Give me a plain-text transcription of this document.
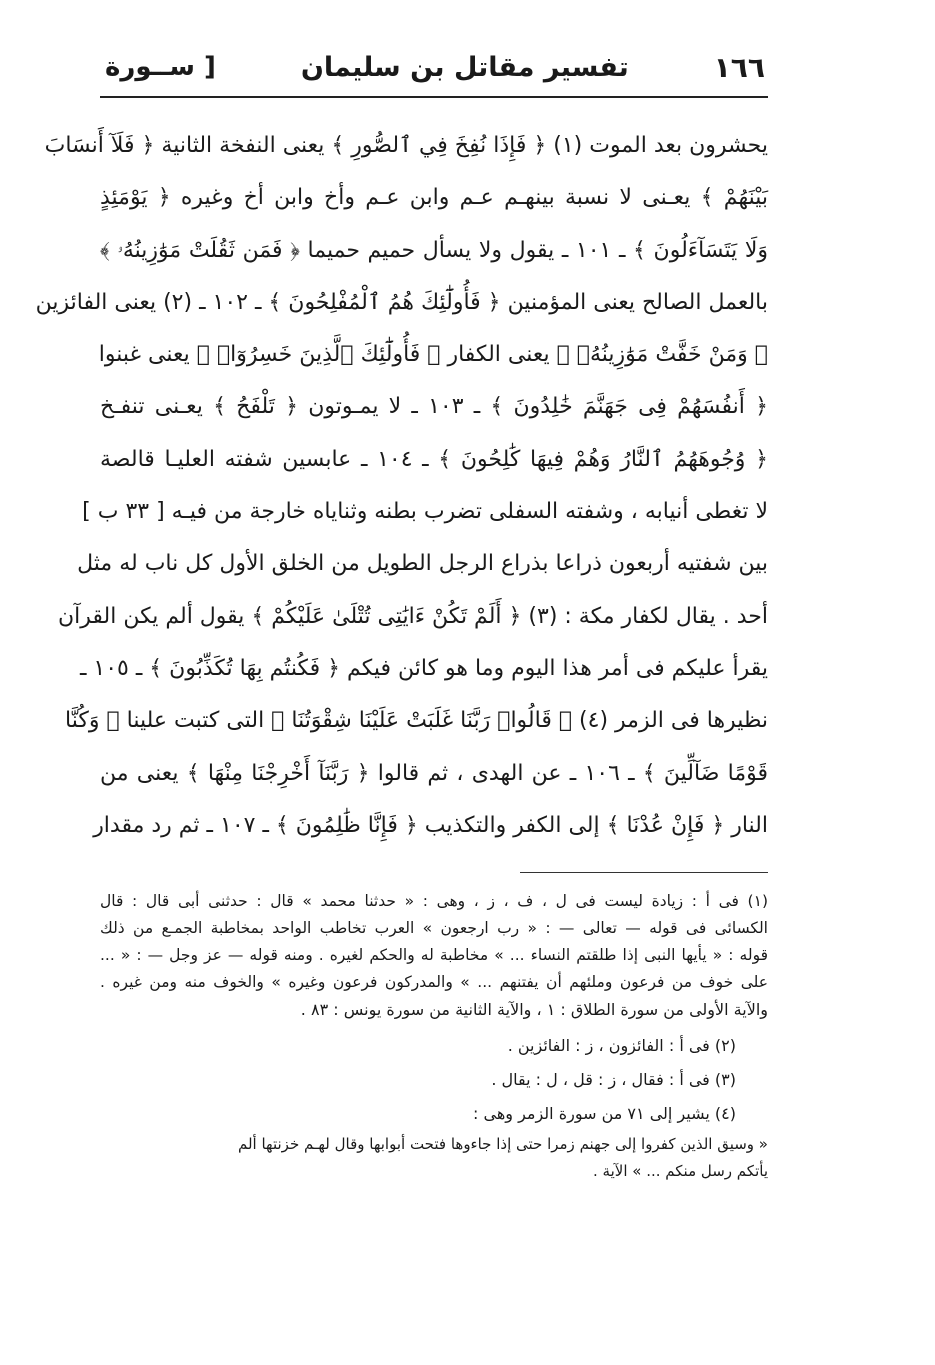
١٦٦
تفسير مقاتل بن سليمان
[ ســورة
يحشرون بعد الموت (١) ﴿ فَإِذَا نُفِخَ فِي ٱلصُّورِ ﴾ يعنى النفخة الثانية ﴿ فَلَآ أَنسَابَ
بَيْنَهُمْ ﴾ يعـنى لا نسبة بينهـم عـم وابن عـم وأخ وابن أخ وغيره ﴿ يَوْمَئِذٍ
وَلَا يَتَسَآءَلُونَ ﴾ ـ ١٠١ ـ يقول ولا يسأل حميم حميما ﴿ فَمَن ثَقُلَتْ مَوَٰزِينُهُۥ ﴾
بالعمل الصالح يعنى المؤمنين ﴿ فَأُولَٰٓئِكَ هُمُ ٱلْمُفْلِحُونَ ﴾ ـ ١٠٢ ـ (٢) يعنى الفائزين
﴿ وَمَنْ خَفَّتْ مَوَٰزِينُهُۥ ﴾ يعنى الكفار ﴿ فَأُولَٰٓئِكَ ٱلَّذِينَ خَسِرُوٓا۟ ﴾ يعنى غبنوا
﴿ أَنفُسَهُمْ فِى جَهَنَّمَ خَٰلِدُونَ ﴾ ـ ١٠٣ ـ لا يمـوتون ﴿ تَلْفَحُ ﴾ يعـنى تنفـخ
﴿ وُجُوهَهُمُ ٱلنَّارُ وَهُمْ فِيهَا كَٰلِحُونَ ﴾ ـ ١٠٤ ـ عابسين شفته العليـا قالصة
لا تغطى أنيابه ، وشفته السفلى تضرب بطنه وثناياه خارجة من فيـه [ ٣٣ ب ]
بين شفتيه أربعون ذراعا بذراع الرجل الطويل من الخلق الأول كل ناب له مثل
أحد . يقال لكفار مكة : (٣) ﴿ أَلَمْ تَكُنْ ءَايَٰتِى تُتْلَىٰ عَلَيْكُمْ ﴾ يقول ألم يكن القرآن
يقرأ عليكم فى أمر هذا اليوم وما هو كائن فيكم ﴿ فَكُنتُم بِهَا تُكَذِّبُونَ ﴾ ـ ١٠٥ ـ
نظيرها فى الزمر (٤) ﴿ قَالُوا۟ رَبَّنَا غَلَبَتْ عَلَيْنَا شِقْوَتُنَا ﴾ التى كتبت علينا ﴿ وَكُنَّا
قَوْمًا ضَآلِّينَ ﴾ ـ ١٠٦ ـ عن الهدى ، ثم قالوا ﴿ رَبَّنَآ أَخْرِجْنَا مِنْهَا ﴾ يعنى من
النار ﴿ فَإِنْ عُدْنَا ﴾ إلى الكفر والتكذيب ﴿ فَإِنَّا ظَٰلِمُونَ ﴾ ـ ١٠٧ ـ ثم رد مقدار
(١) فى أ : زيادة ليست فى ل ، ف ، ز ، وهى : « حدثنا محمد » قال : حدثنى أبى قال : قال
الكسائى فى قوله — تعالى — : « رب ارجعون » العرب تخاطب الواحد بمخاطبة الجمـع من ذلك
قوله : « يأيها النبى إذا طلقتم النساء ... » مخاطبة له والحكم لغيره . ومنه قوله — عز وجل — : « ...
على خوف من فرعون وملئهم أن يفتنهم ... » والمدركون فرعون وغيره » والخوف منه ومن غيره .
والآية الأولى من سورة الطلاق : ١ ، والآية الثانية من سورة يونس : ٨٣ .
(٢) فى أ : الفائزون ، ز : الفائزين .
(٣) فى أ : فقال ، ز : قل ، ل : يقال .
(٤) يشير إلى ٧١ من سورة الزمر وهى :
« وسيق الذين كفروا إلى جهنم زمرا حتى إذا جاءوها فتحت أبوابها وقال لهـم خزنتها ألم
يأتكم رسل منكم ... » الآية .
